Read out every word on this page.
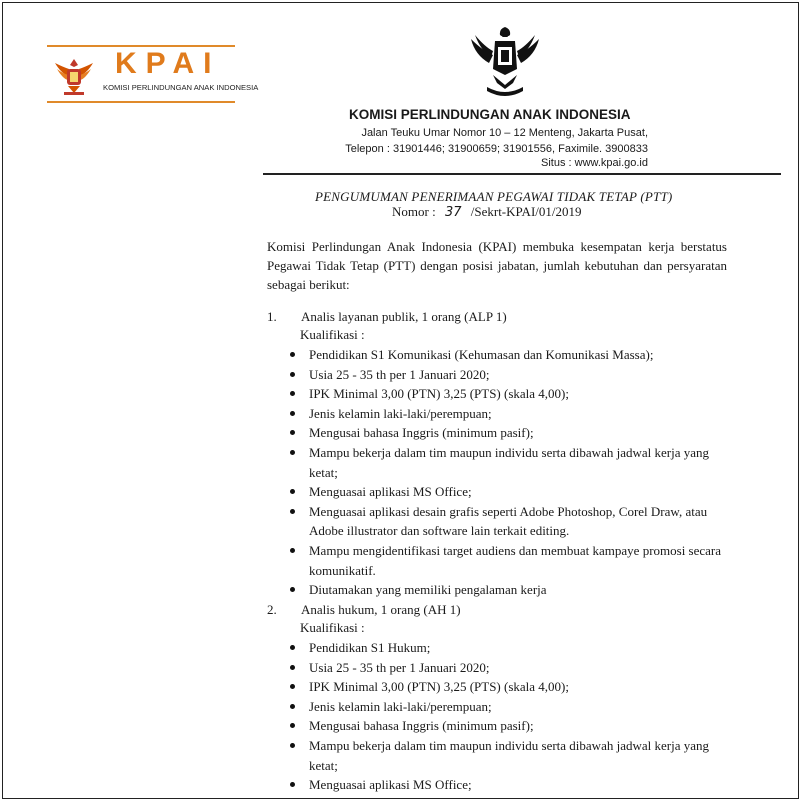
KPAI
KOMISI PERLINDUNGAN ANAK INDONESIA
KOMISI PERLINDUNGAN ANAK INDONESIA
Jalan Teuku Umar Nomor 10 – 12 Menteng, Jakarta Pusat,
Telepon : 31901446; 31900659; 31901556, Faximile. 3900833
Situs : www.kpai.go.id
PENGUMUMAN PENERIMAAN PEGAWAI TIDAK TETAP (PTT)
Nomor : 37 /Sekrt-KPAI/01/2019
Komisi Perlindungan Anak Indonesia (KPAI) membuka kesempatan kerja berstatus Pegawai Tidak Tetap (PTT) dengan posisi jabatan, jumlah kebutuhan dan persyaratan sebagai berikut:
1. Analis layanan publik, 1 orang (ALP 1)
Kualifikasi :
Pendidikan S1 Komunikasi (Kehumasan dan Komunikasi Massa);
Usia 25 - 35 th per 1 Januari 2020;
IPK Minimal 3,00 (PTN) 3,25 (PTS) (skala 4,00);
Jenis kelamin laki-laki/perempuan;
Mengusai bahasa Inggris (minimum pasif);
Mampu bekerja dalam tim maupun individu serta dibawah jadwal kerja yang ketat;
Menguasai aplikasi MS Office;
Menguasai aplikasi desain grafis seperti Adobe Photoshop, Corel Draw, atau Adobe illustrator dan software lain terkait editing.
Mampu mengidentifikasi target audiens dan membuat kampaye promosi secara komunikatif.
Diutamakan yang memiliki pengalaman kerja
2. Analis hukum, 1 orang (AH 1)
Kualifikasi :
Pendidikan S1 Hukum;
Usia 25 - 35 th per 1 Januari 2020;
IPK Minimal 3,00 (PTN) 3,25 (PTS) (skala 4,00);
Jenis kelamin laki-laki/perempuan;
Mengusai bahasa Inggris (minimum pasif);
Mampu bekerja dalam tim maupun individu serta dibawah jadwal kerja yang ketat;
Menguasai aplikasi MS Office;
